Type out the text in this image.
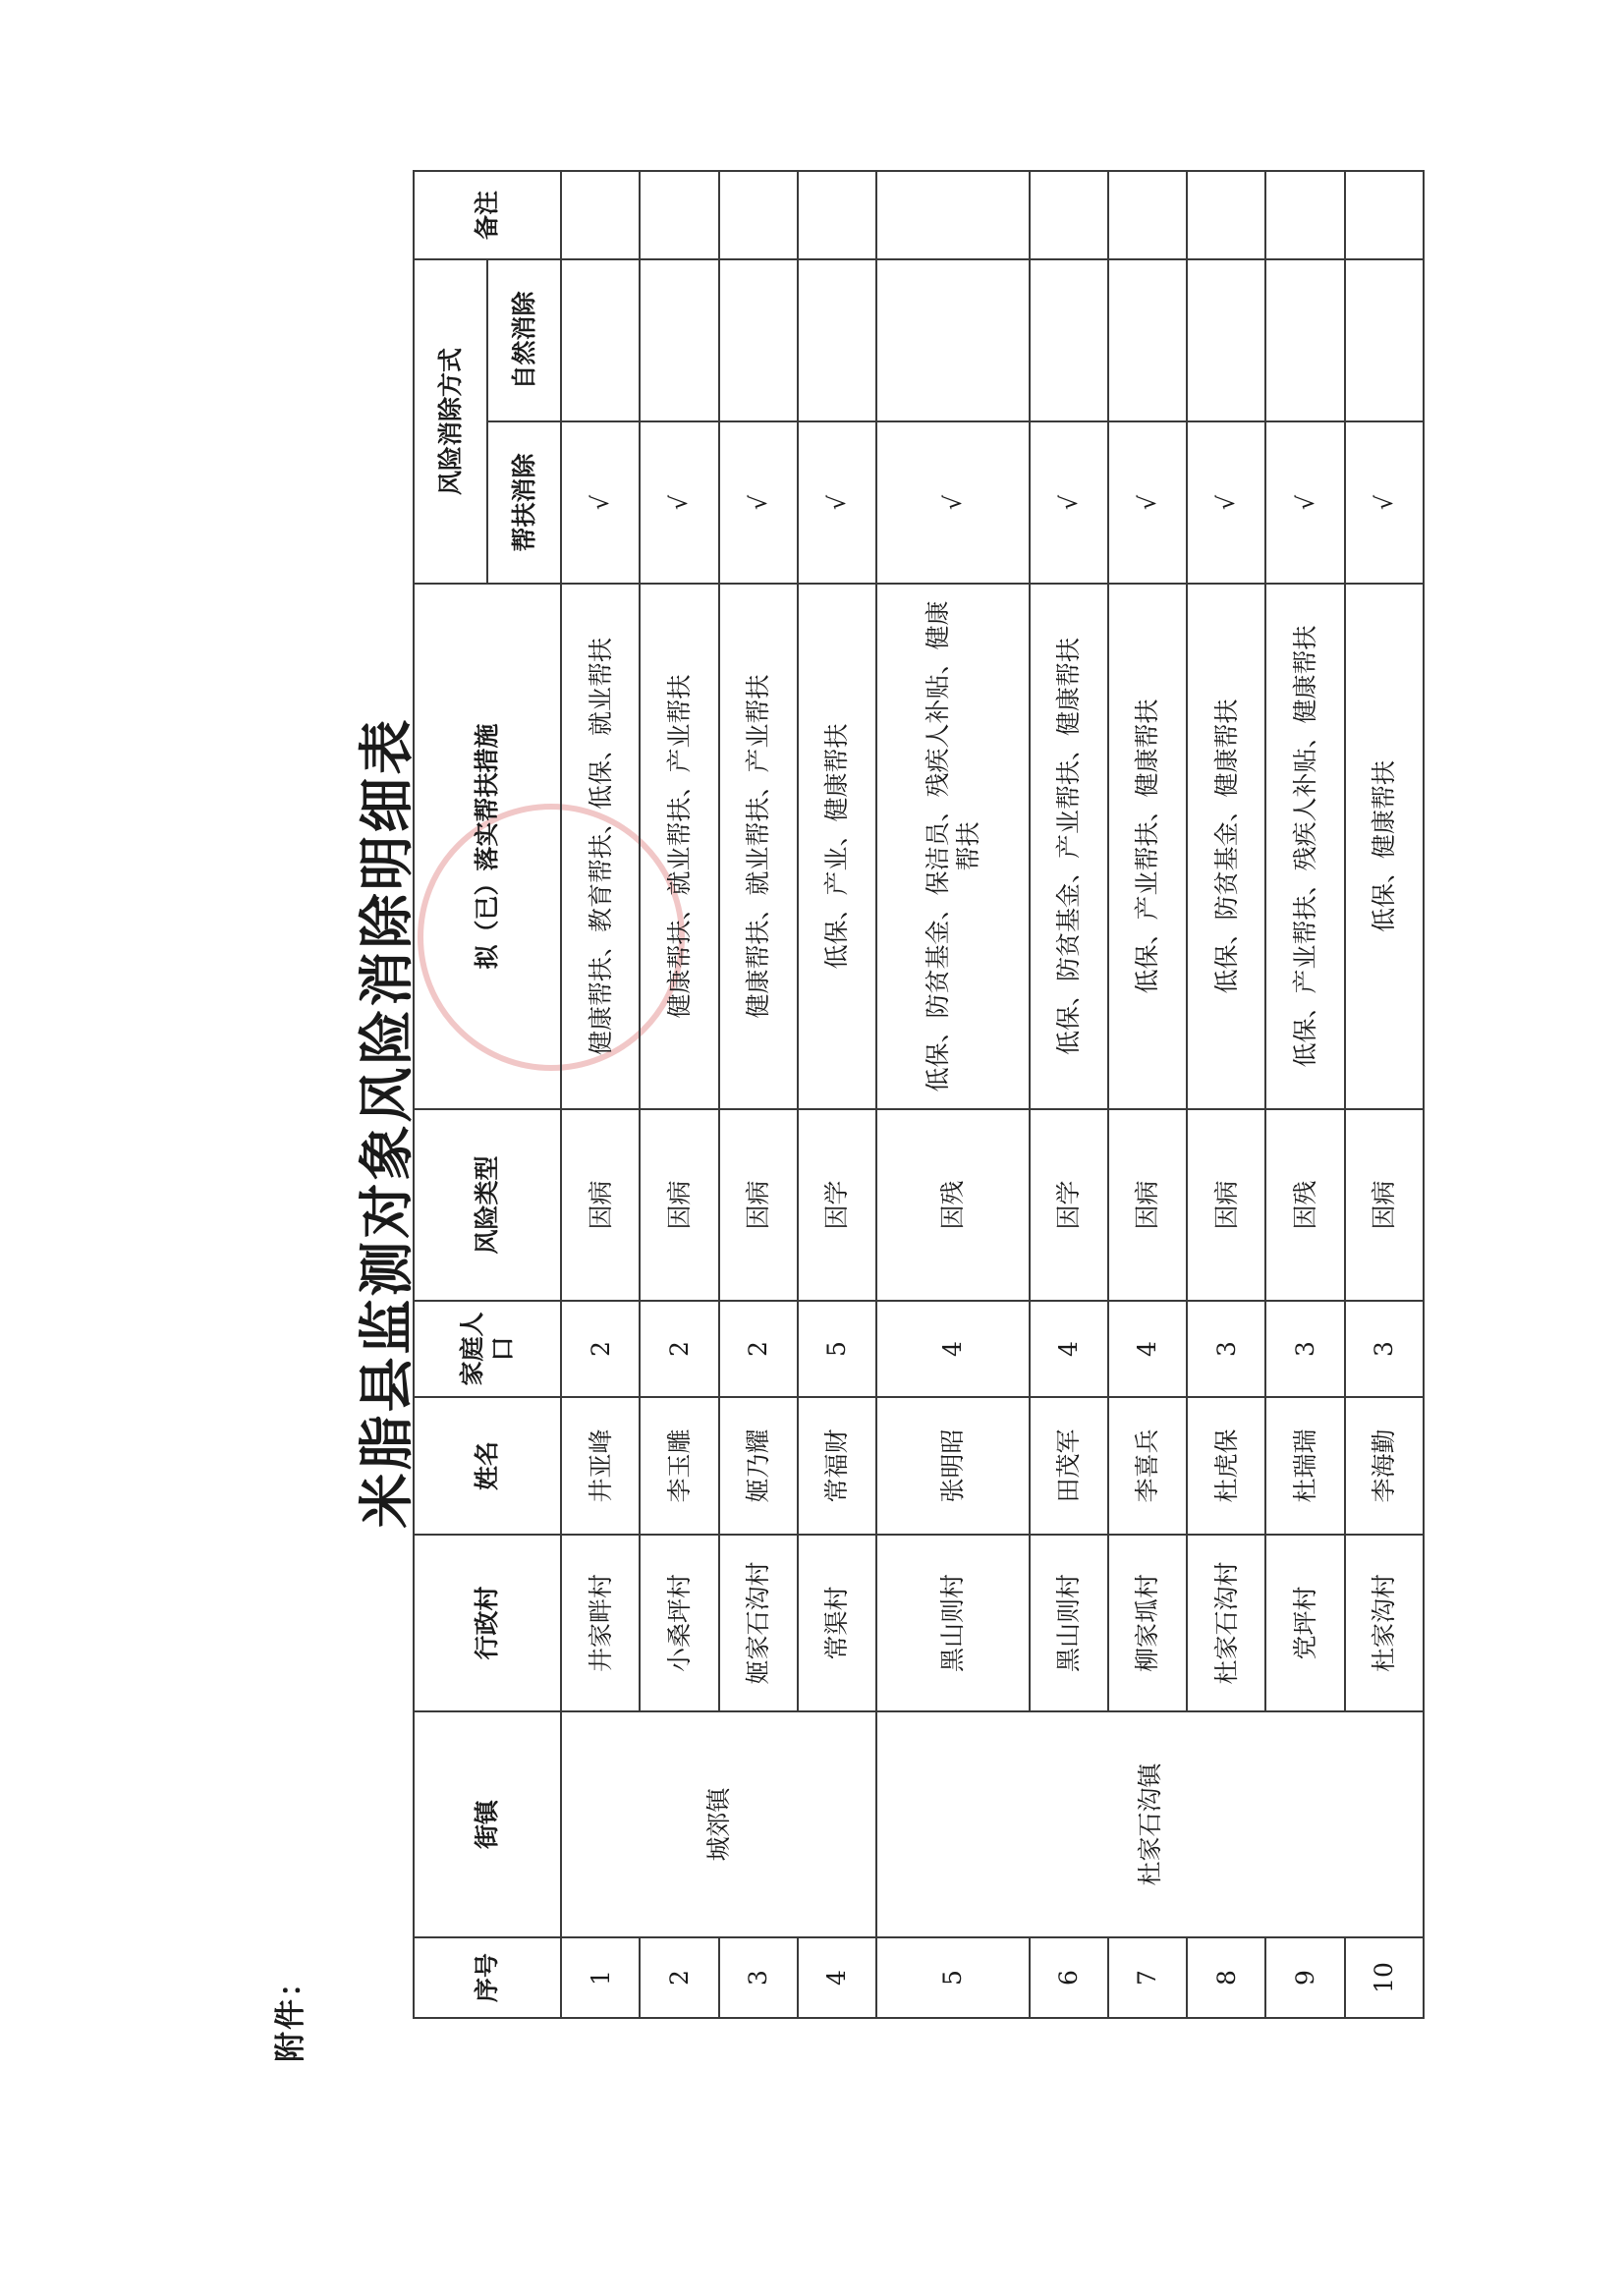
附件：
米脂县监测对象风险消除明细表
序号	街镇	行政村	姓名	家庭人口	风险类型	拟（已）落实帮扶措施	风险消除方式		备注
							帮扶消除	自然消除	
1	城郊镇	井家畔村	井亚峰	2	因病	健康帮扶、教育帮扶、低保、就业帮扶	√		
2		小桑坪村	李玉雕	2	因病	健康帮扶、就业帮扶、产业帮扶	√		
3		姬家石沟村	姬乃耀	2	因病	健康帮扶、就业帮扶、产业帮扶	√		
4		常渠村	常福财	5	因学	低保、产业、健康帮扶	√		
5	杜家石沟镇	黑山则村	张明昭	4	因残	低保、防贫基金、保洁员、残疾人补贴、健康帮扶	√		
6		黑山则村	田茂军	4	因学	低保、防贫基金、产业帮扶、健康帮扶	√		
7		柳家坬村	李喜兵	4	因病	低保、产业帮扶、健康帮扶	√		
8		杜家石沟村	杜虎保	3	因病	低保、防贫基金、健康帮扶	√		
9		党坪村	杜瑞瑞	3	因残	低保、产业帮扶、残疾人补贴、健康帮扶	√		
10		杜家沟村	李海勤	3	因病	低保、健康帮扶	√		
